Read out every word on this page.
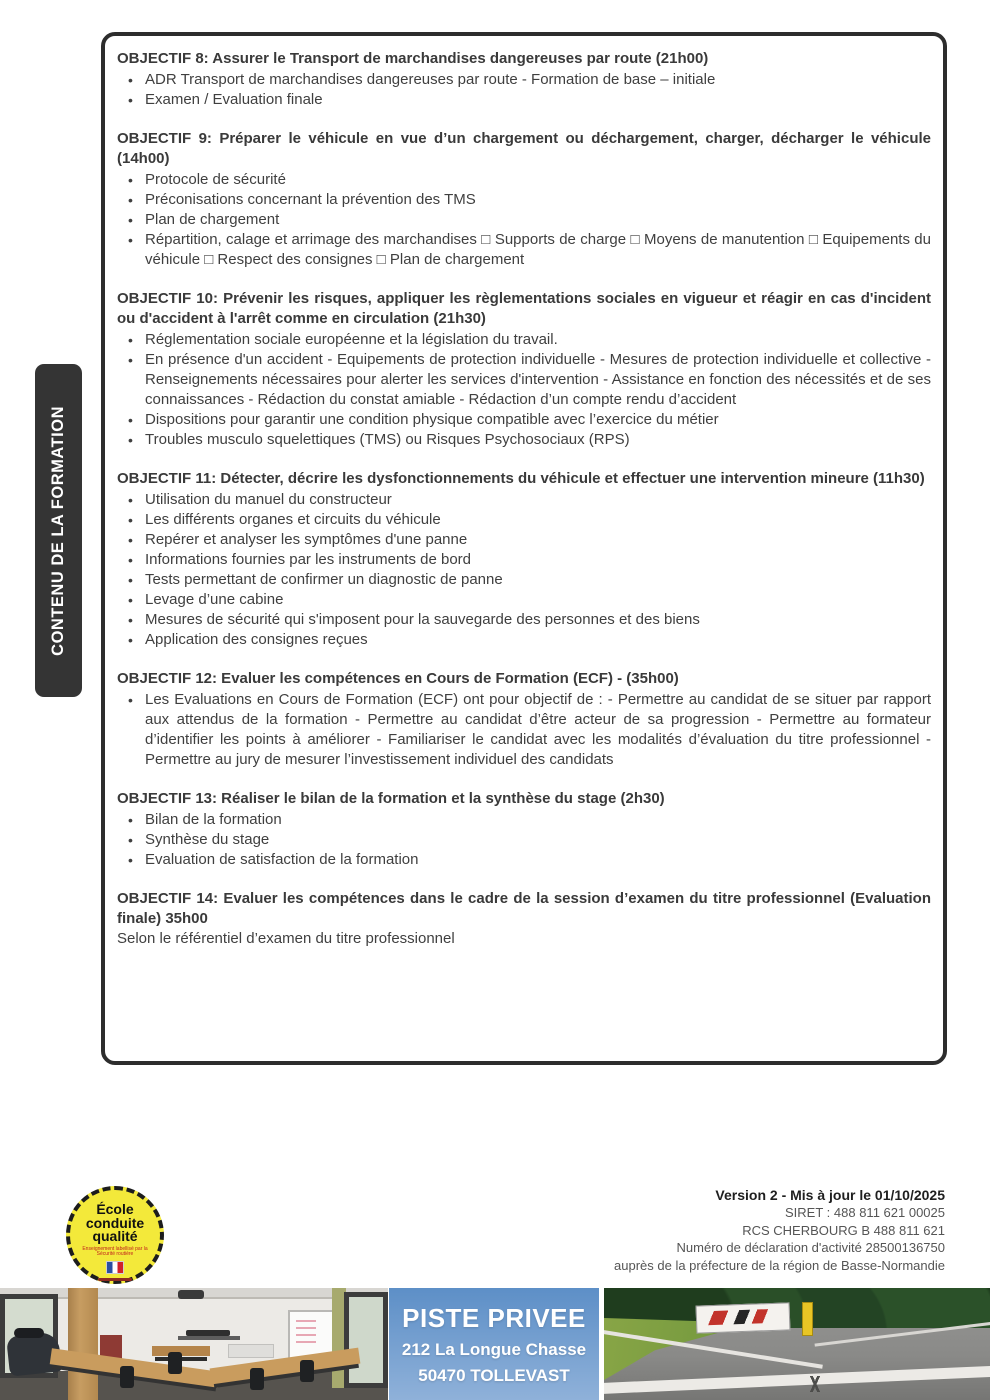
OBJECTIF 8: Assurer le Transport de marchandises dangereuses par route (21h00)
• ADR Transport de marchandises dangereuses par route - Formation de base – initiale
• Examen / Evaluation finale
OBJECTIF 9: Préparer le véhicule en vue d’un chargement ou déchargement, charger, décharger le véhicule (14h00)
• Protocole de sécurité
• Préconisations concernant la prévention des TMS
• Plan de chargement
• Répartition, calage et arrimage des marchandises □ Supports de charge □ Moyens de manutention □ Equipements du véhicule □ Respect des consignes □ Plan de chargement
OBJECTIF 10: Prévenir les risques, appliquer les règlementations sociales en vigueur et réagir en cas d'incident ou d'accident à l'arrêt comme en circulation (21h30)
• Réglementation sociale européenne et la législation du travail.
• En présence d'un accident - Equipements de protection individuelle - Mesures de protection individuelle et collective - Renseignements nécessaires pour alerter les services d'intervention - Assistance en fonction des nécessités et de ses connaissances - Rédaction du constat amiable - Rédaction d’un compte rendu d’accident
• Dispositions pour garantir une condition physique compatible avec l’exercice du métier
• Troubles musculo squelettiques (TMS) ou Risques Psychosociaux (RPS)
OBJECTIF 11: Détecter, décrire les dysfonctionnements du véhicule et effectuer une intervention mineure (11h30)
• Utilisation du manuel du constructeur
• Les différents organes et circuits du véhicule
• Repérer et analyser les symptômes d'une panne
• Informations fournies par les instruments de bord
• Tests permettant de confirmer un diagnostic de panne
• Levage d’une cabine
• Mesures de sécurité qui s'imposent pour la sauvegarde des personnes et des biens
• Application des consignes reçues
OBJECTIF 12: Evaluer les compétences en Cours de Formation (ECF) - (35h00)
• Les Evaluations en Cours de Formation (ECF) ont pour objectif de : - Permettre au candidat de se situer par rapport aux attendus de la formation - Permettre au candidat d’être acteur de sa progression - Permettre au formateur d’identifier les points à améliorer - Familiariser le candidat avec les modalités d’évaluation du titre professionnel - Permettre au jury de mesurer l’investissement individuel des candidats
OBJECTIF 13: Réaliser le bilan de la formation et la synthèse du stage (2h30)
• Bilan de la formation
• Synthèse du stage
• Evaluation de satisfaction de la formation
OBJECTIF 14: Evaluer les compétences dans le cadre de la session d’examen du titre professionnel (Evaluation finale) 35h00
Selon le référentiel d’examen du titre professionnel
CONTENU DE LA FORMATION
École
conduite
qualité
Enseignement labellisé par la Sécurité routière
Version 2 - Mis à jour le 01/10/2025
SIRET : 488 811 621 00025
RCS CHERBOURG B 488 811 621
Numéro de déclaration d'activité 28500136750
auprès de la préfecture de la région de Basse-Normandie
PISTE PRIVEE
212 La Longue Chasse
50470 TOLLEVAST
